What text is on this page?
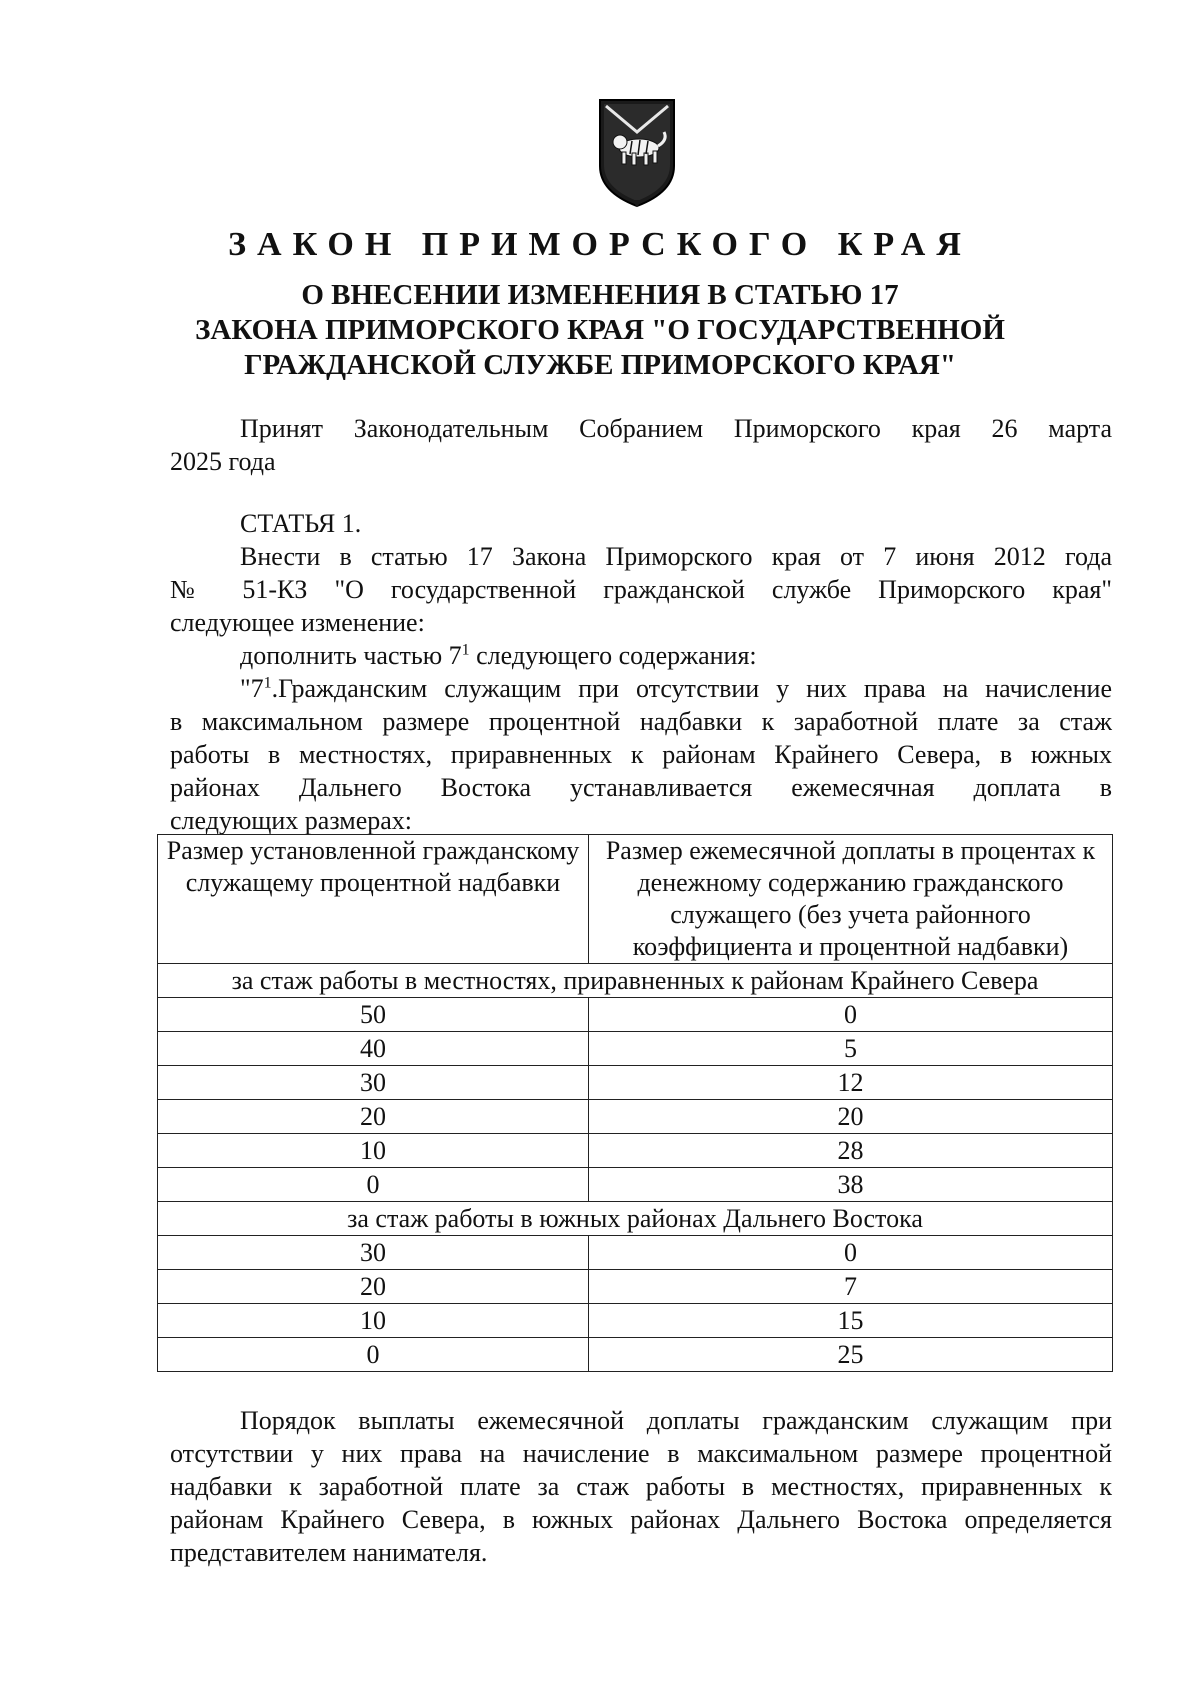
ЗАКОН ПРИМОРСКОГО КРАЯ
О ВНЕСЕНИИ ИЗМЕНЕНИЯ В СТАТЬЮ 17
ЗАКОНА ПРИМОРСКОГО КРАЯ "О ГОСУДАРСТВЕННОЙ
ГРАЖДАНСКОЙ СЛУЖБЕ ПРИМОРСКОГО КРАЯ"
Принят Законодательным Собранием Приморского края 26 марта
2025 года
СТАТЬЯ 1.
Внести в статью 17 Закона Приморского края от 7 июня 2012 года
№ 51-КЗ "О государственной гражданской службе Приморского края"
следующее изменение:
дополнить частью $7^1$ следующего содержания:
"$7^1.Гражданским$ служащим при отсутствии у них права на начисление
в максимальном размере процентной надбавки к заработной плате за стаж
работы в местностях, приравненных к районам Крайнего Севера, в южных
районах Дальнего Востока устанавливается ежемесячная доплата в
следующих размерах:
Размер установленной гражданскому служащему процентной надбавки	Размер ежемесячной доплаты в процентах к денежному содержанию гражданского служащего (без учета районного коэффициента и процентной надбавки)
за стаж работы в местностях, приравненных к районам Крайнего Севера	
50	0
40	5
30	12
20	20
10	28
0	38
за стаж работы в южных районах Дальнего Востока	
30	0
20	7
10	15
0	25
Порядок выплаты ежемесячной доплаты гражданским служащим при
отсутствии у них права на начисление в максимальном размере процентной
надбавки к заработной плате за стаж работы в местностях, приравненных к
районам Крайнего Севера, в южных районах Дальнего Востока определяется
представителем нанимателя.
